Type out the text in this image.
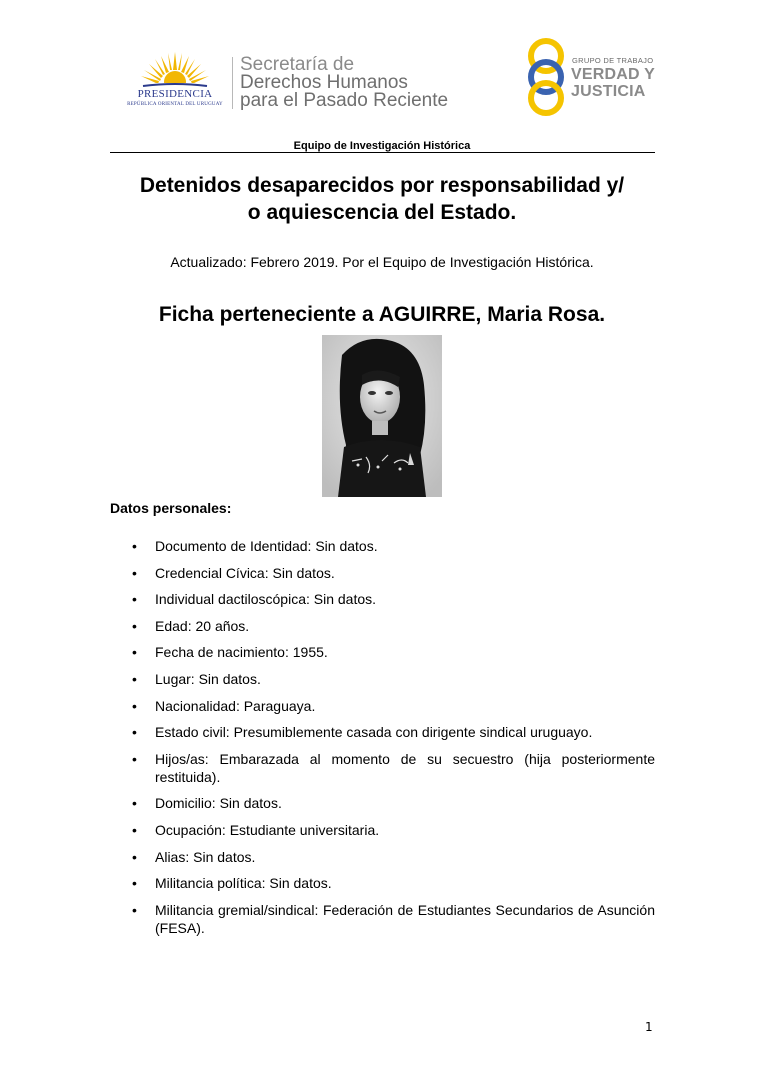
PRESIDENCIA
REPÚBLICA ORIENTAL DEL URUGUAY
Secretaría de
Derechos Humanos
para el Pasado Reciente
GRUPO DE TRABAJO
VERDAD Y
JUSTICIA
Equipo de Investigación Histórica
Detenidos desaparecidos por responsabilidad y/
o aquiescencia del Estado.
Actualizado: Febrero 2019. Por el Equipo de Investigación Histórica.
Ficha perteneciente a AGUIRRE, Maria Rosa.
Datos personales:
• Documento de Identidad: Sin datos.
• Credencial Cívica: Sin datos.
• Individual dactiloscópica: Sin datos.
• Edad: 20 años.
• Fecha de nacimiento: 1955.
• Lugar: Sin datos.
• Nacionalidad: Paraguaya.
• Estado civil: Presumiblemente casada con dirigente sindical uruguayo.
• Hijos/as: Embarazada al momento de su secuestro (hija posteriormente restituida).
• Domicilio: Sin datos.
• Ocupación: Estudiante universitaria.
• Alias: Sin datos.
• Militancia política: Sin datos.
• Militancia gremial/sindical: Federación de Estudiantes Secundarios de Asunción (FESA).
1
